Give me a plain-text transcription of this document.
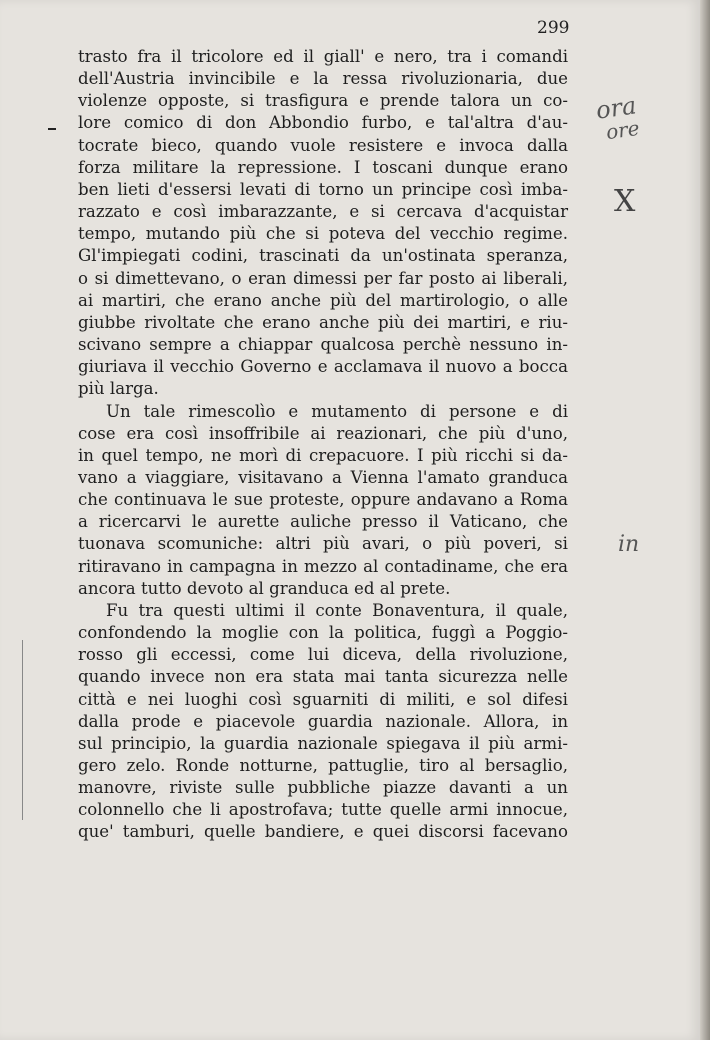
299
trasto fra il tricolore ed il giall' e nero, tra i comandi
dell'Austria invincibile e la ressa rivoluzionaria, due
violenze opposte, si trasfigura e prende talora un co-
lore comico di don Abbondio furbo, e tal'altra d'au-
tocrate bieco, quando vuole resistere e invoca dalla
forza militare la repressione. I toscani dunque erano
ben lieti d'essersi levati di torno un principe così imba-
razzato e così imbarazzante, e si cercava d'acquistar
tempo, mutando più che si poteva del vecchio regime.
Gl'impiegati codini, trascinati da un'ostinata speranza,
o si dimettevano, o eran dimessi per far posto ai liberali,
ai martiri, che erano anche più del martirologio, o alle
giubbe rivoltate che erano anche più dei martiri, e riu-
scivano sempre a chiappar qualcosa perchè nessuno in-
giuriava il vecchio Governo e acclamava il nuovo a bocca
più larga.
Un tale rimescolìo e mutamento di persone e di
cose era così insoffribile ai reazionari, che più d'uno,
in quel tempo, ne morì di crepacuore. I più ricchi si da-
vano a viaggiare, visitavano a Vienna l'amato granduca
che continuava le sue proteste, oppure andavano a Roma
a ricercarvi le aurette auliche presso il Vaticano, che
tuonava scomuniche: altri più avari, o più poveri, si
ritiravano in campagna in mezzo al contadiname, che era
ancora tutto devoto al granduca ed al prete.
Fu tra questi ultimi il conte Bonaventura, il quale,
confondendo la moglie con la politica, fuggì a Poggio-
rosso gli eccessi, come lui diceva, della rivoluzione,
quando invece non era stata mai tanta sicurezza nelle
città e nei luoghi così sguarniti di militi, e sol difesi
dalla prode e piacevole guardia nazionale. Allora, in
sul principio, la guardia nazionale spiegava il più armi-
gero zelo. Ronde notturne, pattuglie, tiro al bersaglio,
manovre, riviste sulle pubbliche piazze davanti a un
colonnello che li apostrofava; tutte quelle armi innocue,
que' tamburi, quelle bandiere, e quei discorsi facevano
ora
ore
X
in
